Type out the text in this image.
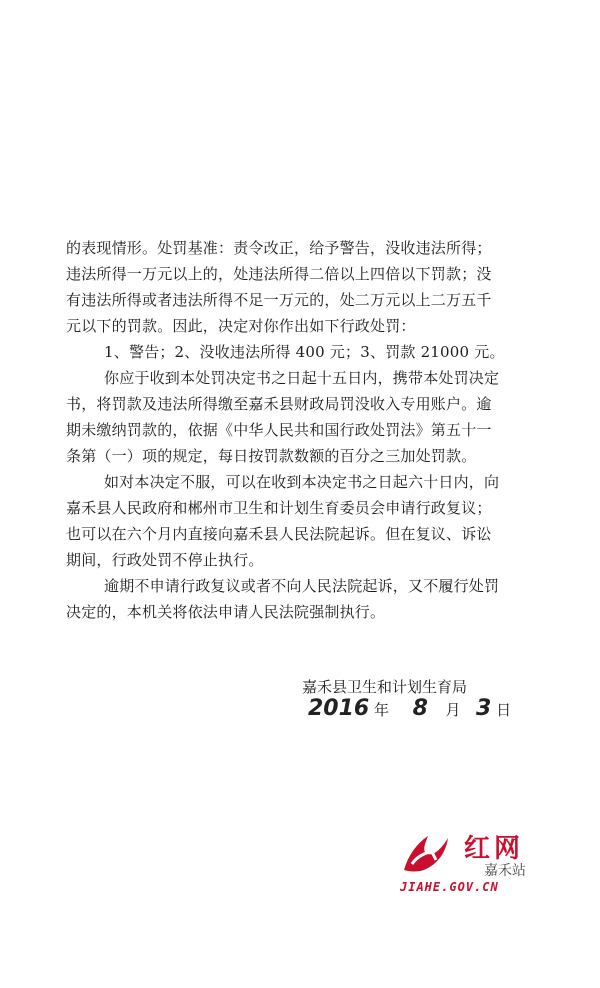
的表现情形。处罚基准：责令改正，给予警告，没收违法所得；
违法所得一万元以上的，处违法所得二倍以上四倍以下罚款；没
有违法所得或者违法所得不足一万元的，处二万元以上二万五千
元以下的罚款。因此，决定对你作出如下行政处罚：
1、警告；2、没收违法所得 400 元；3、罚款 21000 元。
你应于收到本处罚决定书之日起十五日内，携带本处罚决定
书，将罚款及违法所得缴至嘉禾县财政局罚没收入专用账户。逾
期未缴纳罚款的，依据《中华人民共和国行政处罚法》第五十一
条第（一）项的规定，每日按罚款数额的百分之三加处罚款。
如对本决定不服，可以在收到本决定书之日起六十日内，向
嘉禾县人民政府和郴州市卫生和计划生育委员会申请行政复议；
也可以在六个月内直接向嘉禾县人民法院起诉。但在复议、诉讼
期间，行政处罚不停止执行。
逾期不申请行政复议或者不向人民法院起诉，又不履行处罚
决定的，本机关将依法申请人民法院强制执行。
嘉禾县卫生和计划生育局
2016 年 8 月 3 日
红网
嘉禾站
JIAHE.GOV.CN
